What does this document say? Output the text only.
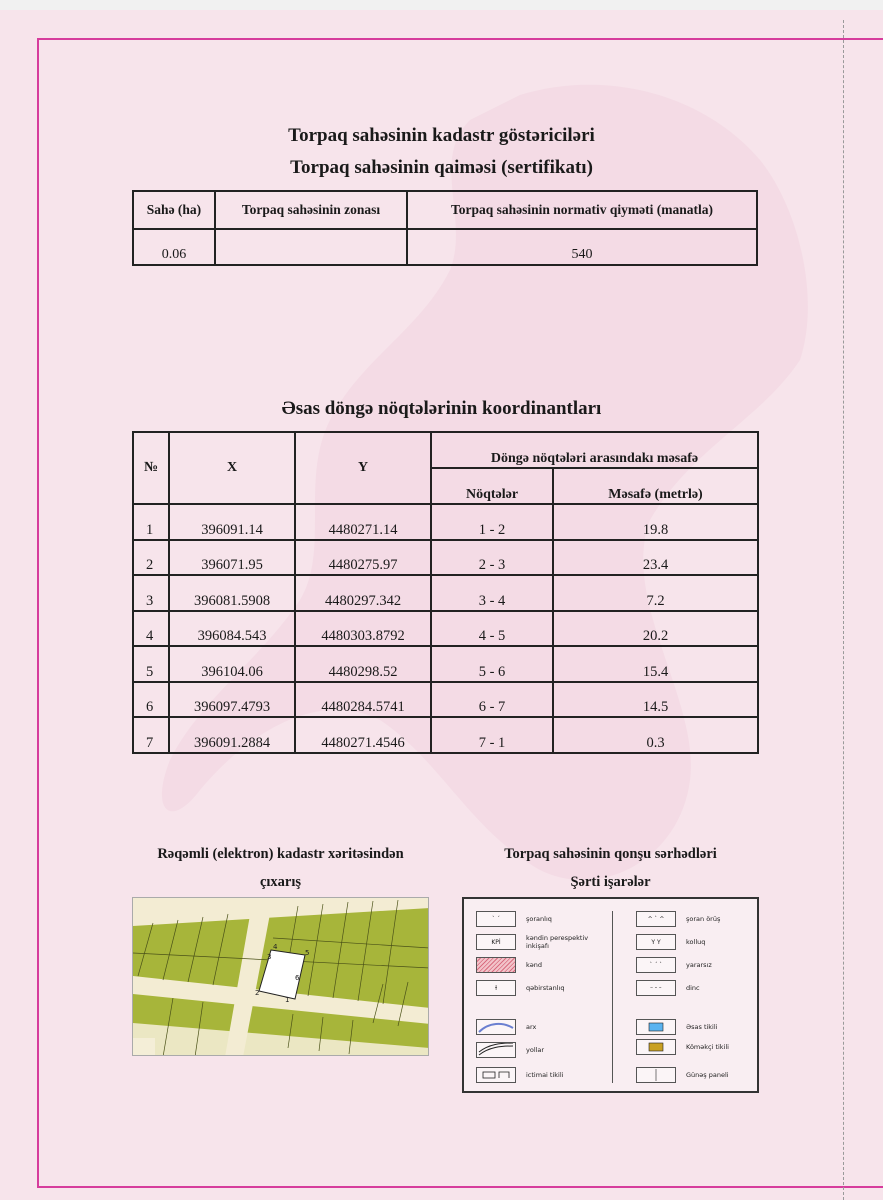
Torpaq sahəsinin kadastr göstəriciləri
Torpaq sahəsinin qaiməsi (sertifikatı)
Sahə (ha)	Torpaq sahəsinin zonası	Torpaq sahəsinin normativ qiyməti (manatla)
0.06		540
Əsas döngə nöqtələrinin koordinantları
№	X	Y	Döngə nöqtələri arasındakı məsafə	
			Nöqtələr	Məsafə (metrlə)
1	396091.14	4480271.14	1 - 2	19.8
2	396071.95	4480275.97	2 - 3	23.4
3	396081.5908	4480297.342	3 - 4	7.2
4	396084.543	4480303.8792	4 - 5	20.2
5	396104.06	4480298.52	5 - 6	15.4
6	396097.4793	4480284.5741	6 - 7	14.5
7	396091.2884	4480271.4546	7 - 1	0.3
Rəqəmli (elektron) kadastr xəritəsindən
çıxarış
Torpaq sahəsinin qonşu sərhədləri
Şərti işarələr
2
1
3
4
5
6
ˋ ˊ	şoranlıq
KPİ	kəndin perespektiv inkişafı
kənd
ɫ	qəbirstanlıq
arx
yollar
ictimai tikili
^ ˋ ^	şoran örüş
Y Y	kolluq
ˋ ˊ ˋ	yararsız
ᵕ ᵕ ᵕ	dinc
Əsas tikili
Köməkçi tikili
Günəş paneli
